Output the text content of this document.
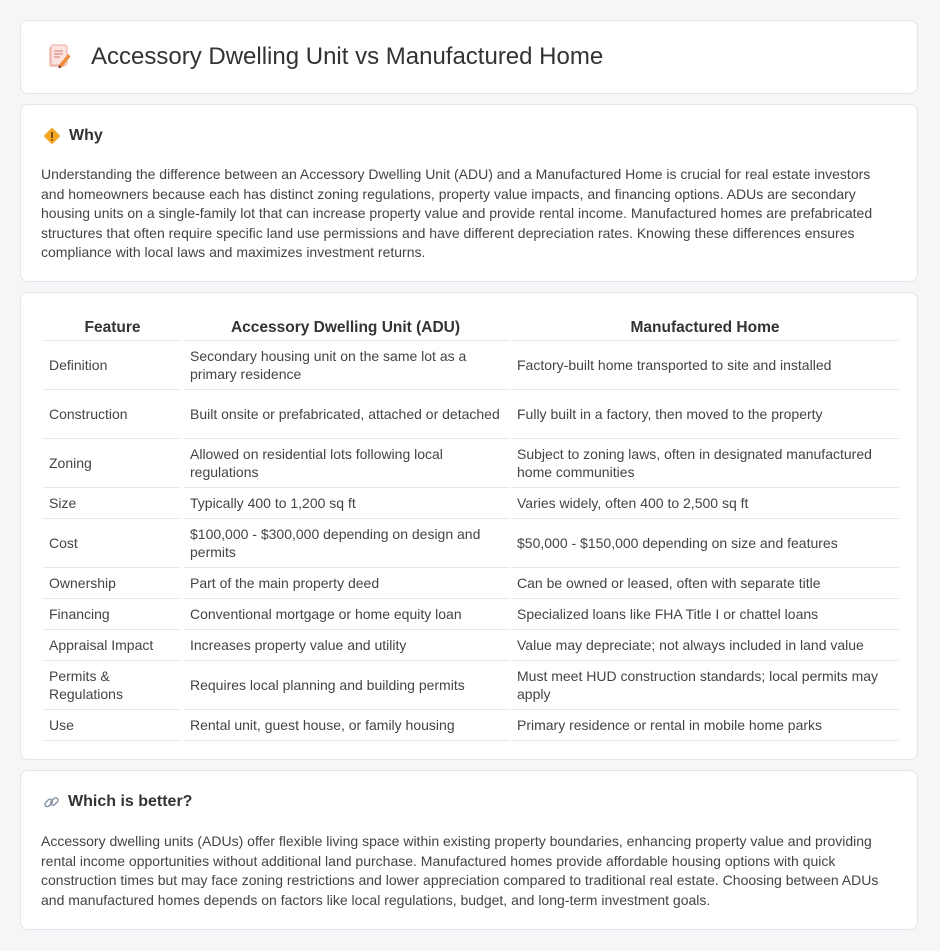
Accessory Dwelling Unit vs Manufactured Home
Why

Understanding the difference between an Accessory Dwelling Unit (ADU) and a Manufactured Home is crucial for real estate investors and homeowners because each has distinct zoning regulations, property value impacts, and financing options. ADUs are secondary housing units on a single-family lot that can increase property value and provide rental income. Manufactured homes are prefabricated structures that often require specific land use permissions and have different depreciation rates. Knowing these differences ensures compliance with local laws and maximizes investment returns.

Feature	Accessory Dwelling Unit (ADU)	Manufactured Home
Definition	Secondary housing unit on the same lot as a primary residence	Factory-built home transported to site and installed
Construction	Built onsite or prefabricated, attached or detached	Fully built in a factory, then moved to the property
Zoning	Allowed on residential lots following local regulations	Subject to zoning laws, often in designated manufactured home communities
Size	Typically 400 to 1,200 sq ft	Varies widely, often 400 to 2,500 sq ft
Cost	$100,000 - $300,000 depending on design and permits	$50,000 - $150,000 depending on size and features
Ownership	Part of the main property deed	Can be owned or leased, often with separate title
Financing	Conventional mortgage or home equity loan	Specialized loans like FHA Title I or chattel loans
Appraisal Impact	Increases property value and utility	Value may depreciate; not always included in land value
Permits & Regulations	Requires local planning and building permits	Must meet HUD construction standards; local permits may apply
Use	Rental unit, guest house, or family housing	Primary residence or rental in mobile home parks
Which is better?

Accessory dwelling units (ADUs) offer flexible living space within existing property boundaries, enhancing property value and providing rental income opportunities without additional land purchase. Manufactured homes provide affordable housing options with quick construction times but may face zoning restrictions and lower appreciation compared to traditional real estate. Choosing between ADUs and manufactured homes depends on factors like local regulations, budget, and long-term investment goals.
